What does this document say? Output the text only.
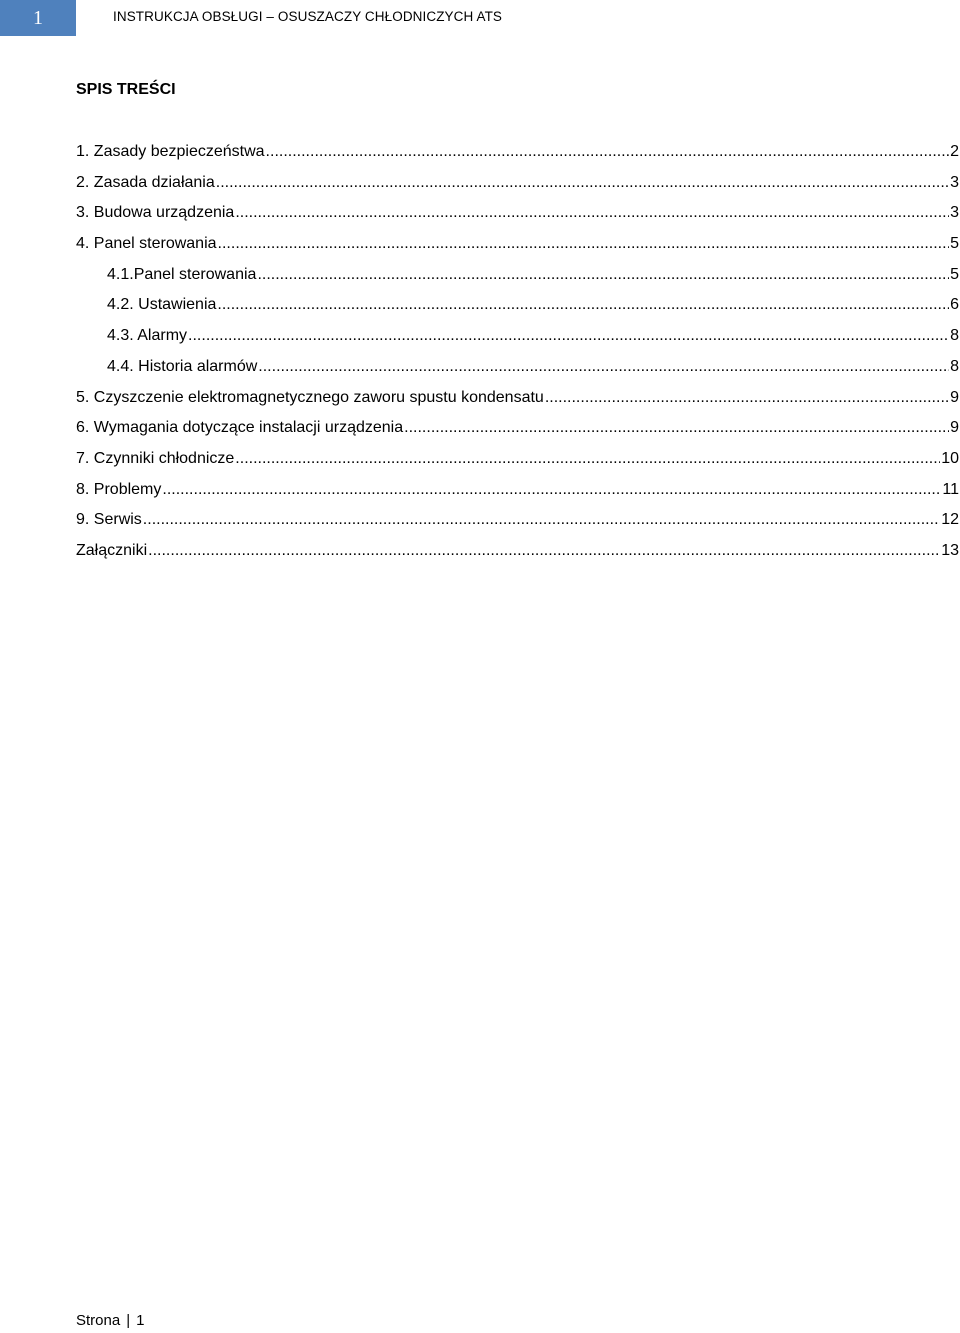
1	INSTRUKCJA OBSŁUGI – OSUSZACZY CHŁODNICZYCH ATS
SPIS TREŚCI
1. Zasady bezpieczeństwa .....	2
2. Zasada działania .....	3
3. Budowa urządzenia .....	3
4. Panel sterowania .....	5
4.1.Panel sterowania .....	5
4.2. Ustawienia .....	6
4.3. Alarmy .....	8
4.4. Historia alarmów .....	8
5. Czyszczenie elektromagnetycznego zaworu spustu kondensatu .....	9
6. Wymagania dotyczące instalacji urządzenia .....	9
7. Czynniki chłodnicze .....	10
8. Problemy .....	11
9. Serwis .....	12
Załączniki .....	13
Strona | 1
